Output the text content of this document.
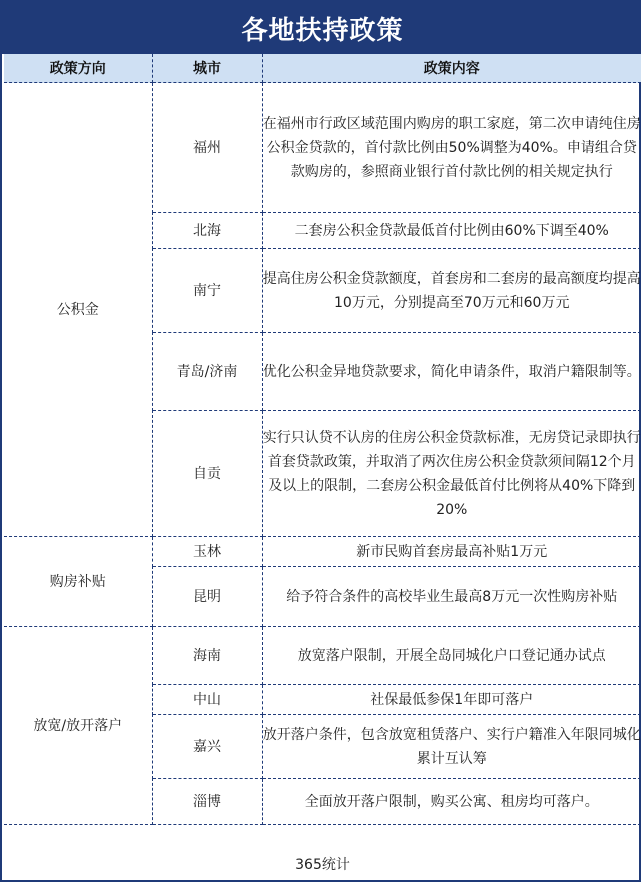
各地扶持政策
政策方向	城市	政策内容
公积金	福州	在福州市行政区域范围内购房的职工家庭，第二次申请纯住房公积金贷款的，首付款比例由50%调整为40%。申请组合贷款购房的，参照商业银行首付款比例的相关规定执行
	北海	二套房公积金贷款最低首付比例由60%下调至40%
	南宁	提高住房公积金贷款额度，首套房和二套房的最高额度均提高10万元，分别提高至70万元和60万元
	青岛/济南	优化公积金异地贷款要求，简化申请条件，取消户籍限制等。
	自贡	实行只认贷不认房的住房公积金贷款标准，无房贷记录即执行首套贷款政策，并取消了两次住房公积金贷款须间隔12个月及以上的限制，二套房公积金最低首付比例将从40%下降到20%
购房补贴	玉林	新市民购首套房最高补贴1万元
	昆明	给予符合条件的高校毕业生最高8万元一次性购房补贴
放宽/放开落户	海南	放宽落户限制，开展全岛同城化户口登记通办试点
	中山	社保最低参保1年即可落户
	嘉兴	放开落户条件，包含放宽租赁落户、实行户籍准入年限同城化累计互认筹
	淄博	全面放开落户限制，购买公寓、租房均可落户。
365统计
